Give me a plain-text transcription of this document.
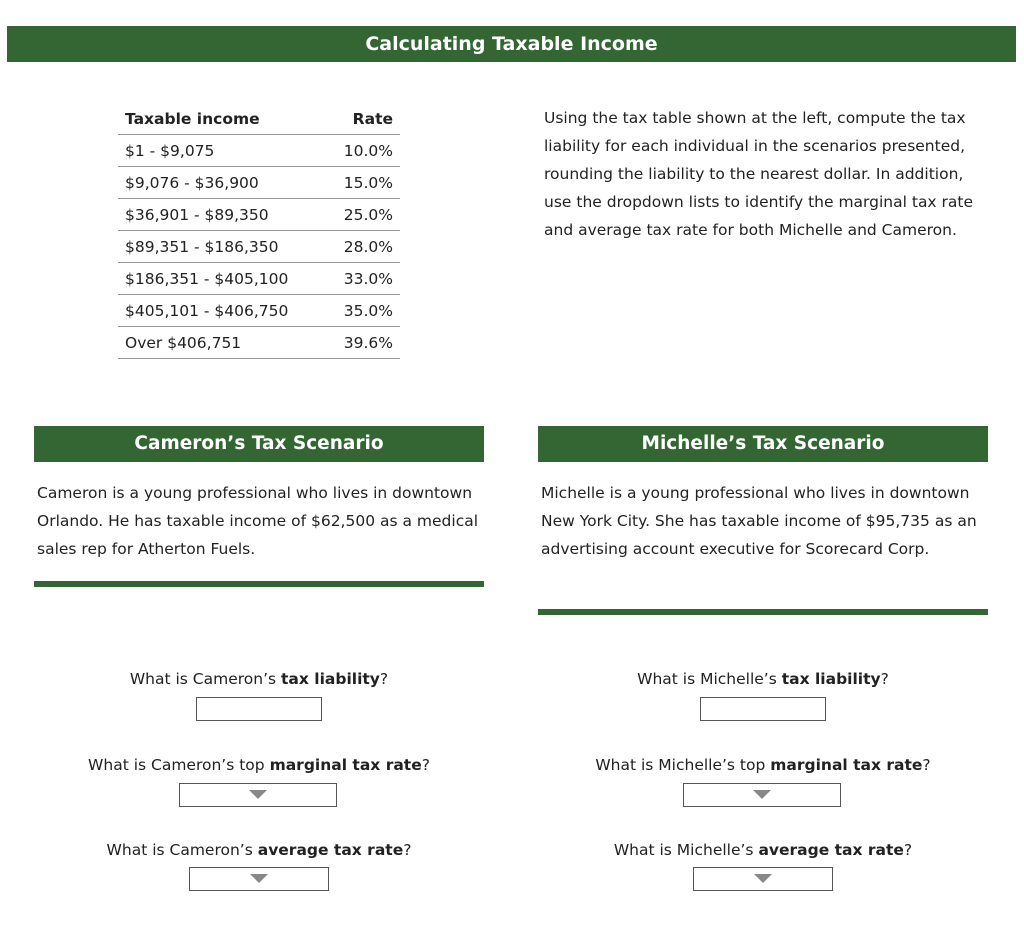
Calculating Taxable Income
Taxable income	Rate
$1 - $9,075	10.0%
$9,076 - $36,900	15.0%
$36,901 - $89,350	25.0%
$89,351 - $186,350	28.0%
$186,351 - $405,100	33.0%
$405,101 - $406,750	35.0%
Over $406,751	39.6%

Using the tax table shown at the left, compute the tax liability for each individual in the scenarios presented, rounding the liability to the nearest dollar. In addition, use the dropdown lists to identify the marginal tax rate and average tax rate for both Michelle and Cameron.

Cameron’s Tax Scenario

Cameron is a young professional who lives in downtown Orlando. He has taxable income of $62,500 as a medical sales rep for Atherton Fuels.

What is Cameron’s tax liability?
What is Cameron’s top marginal tax rate?
What is Cameron’s average tax rate?
Michelle’s Tax Scenario

Michelle is a young professional who lives in downtown New York City. She has taxable income of $95,735 as an advertising account executive for Scorecard Corp.

What is Michelle’s tax liability?
What is Michelle’s top marginal tax rate?
What is Michelle’s average tax rate?
